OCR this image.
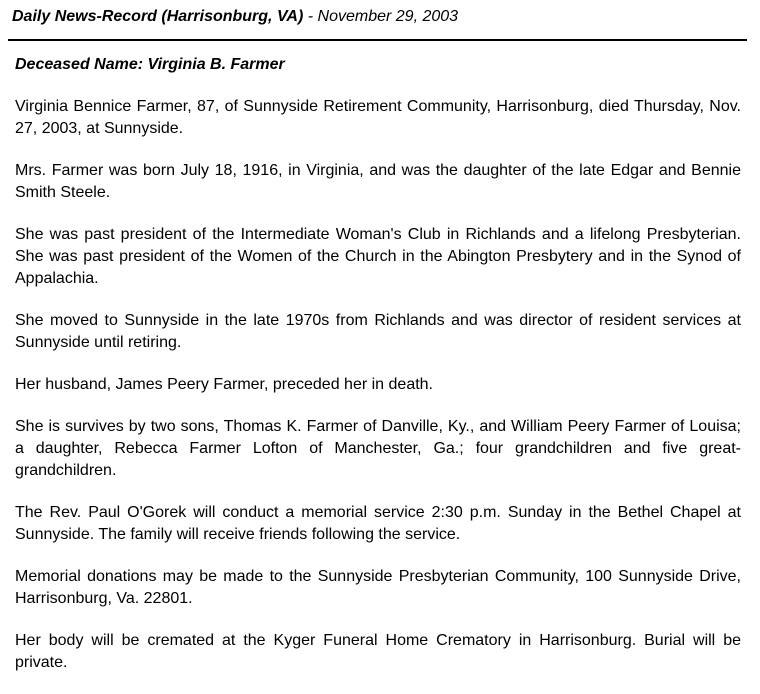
Daily News-Record (Harrisonburg, VA) - November 29, 2003
Deceased Name: Virginia B. Farmer

Virginia Bennice Farmer, 87, of Sunnyside Retirement Community, Harrisonburg, died Thursday, Nov. 27, 2003, at Sunnyside.

Mrs. Farmer was born July 18, 1916, in Virginia, and was the daughter of the late Edgar and Bennie Smith Steele.

She was past president of the Intermediate Woman's Club in Richlands and a lifelong Presbyterian. She was past president of the Women of the Church in the Abington Presbytery and in the Synod of Appalachia.

She moved to Sunnyside in the late 1970s from Richlands and was director of resident services at Sunnyside until retiring.

Her husband, James Peery Farmer, preceded her in death.

She is survives by two sons, Thomas K. Farmer of Danville, Ky., and William Peery Farmer of Louisa; a daughter, Rebecca Farmer Lofton of Manchester, Ga.; four grandchildren and five great-grandchildren.

The Rev. Paul O'Gorek will conduct a memorial service 2:30 p.m. Sunday in the Bethel Chapel at Sunnyside. The family will receive friends following the service.

Memorial donations may be made to the Sunnyside Presbyterian Community, 100 Sunnyside Drive, Harrisonburg, Va. 22801.

Her body will be cremated at the Kyger Funeral Home Crematory in Harrisonburg. Burial will be private.
